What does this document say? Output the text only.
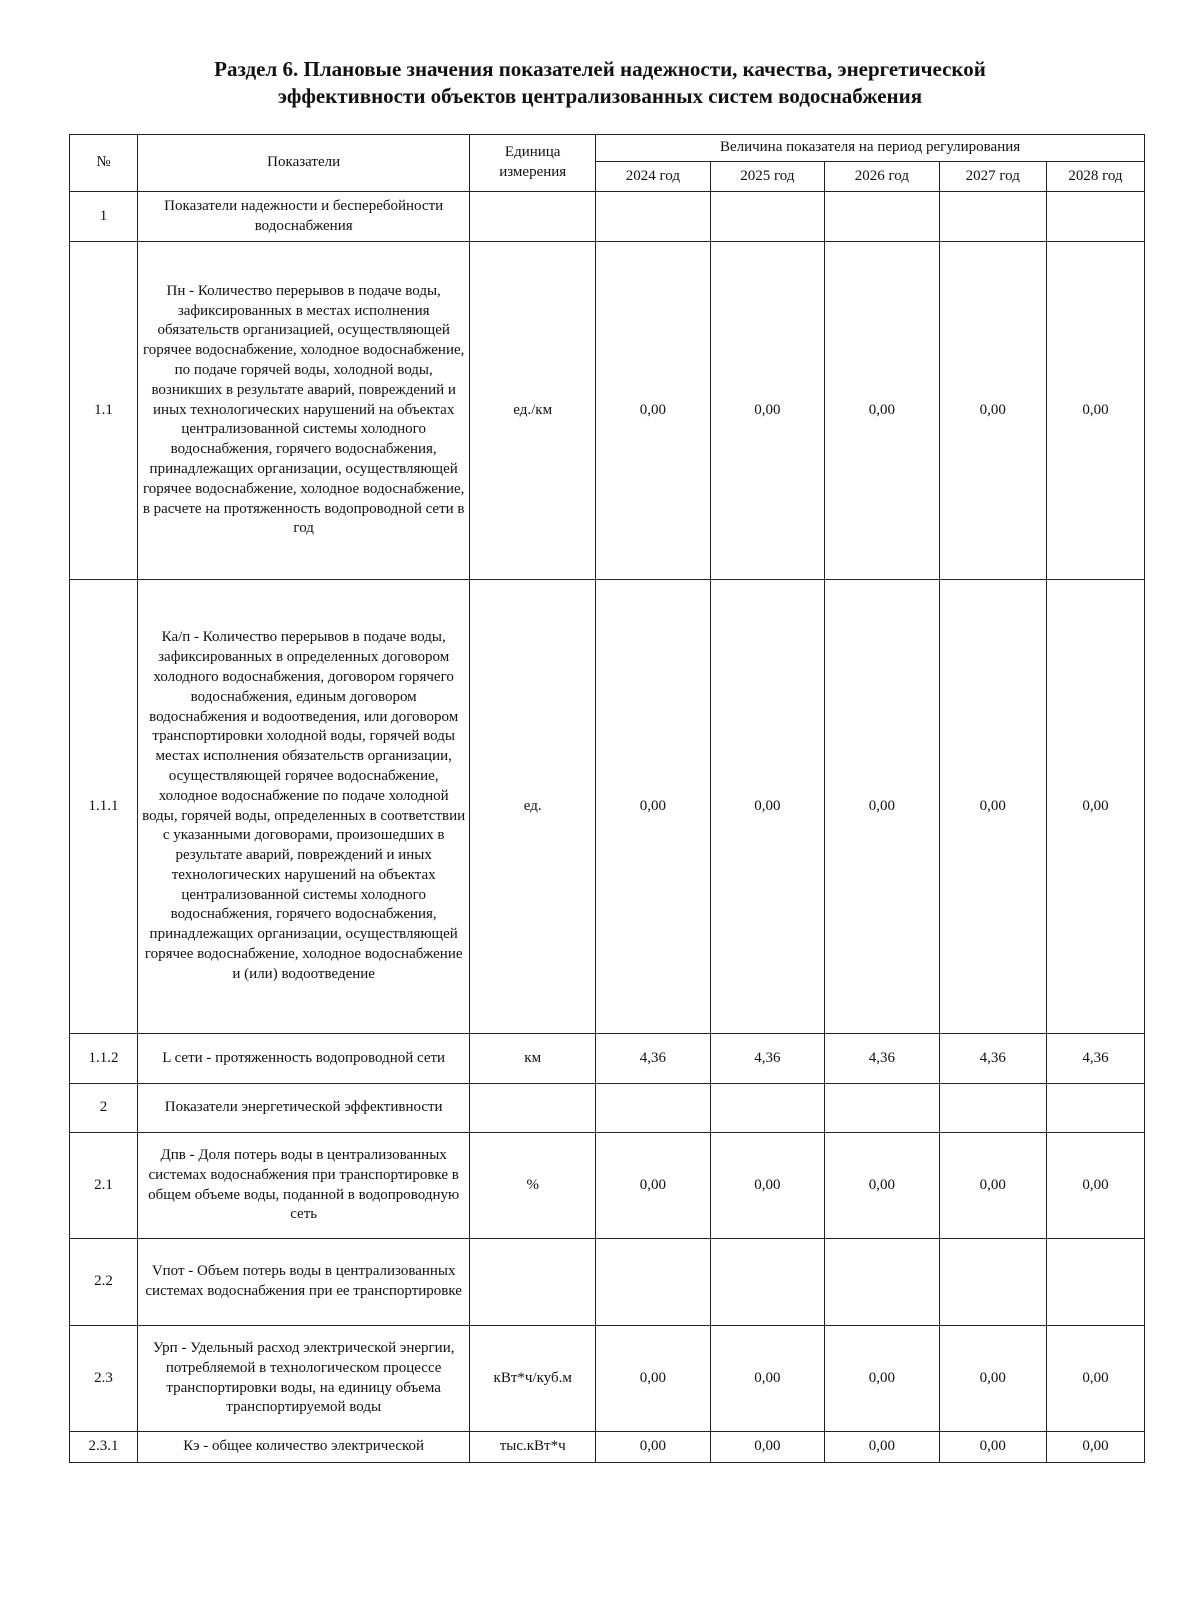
Раздел 6. Плановые значения показателей надежности, качества, энергетической
эффективности объектов централизованных систем водоснабжения
№	Показатели	Единица
измерения	Величина показателя на период регулирования				
			2024 год	2025 год	2026 год	2027 год	2028 год
1	Показатели надежности и бесперебойности водоснабжения						
1.1	Пн - Количество перерывов в подаче воды, зафиксированных в местах исполнения обязательств организацией, осуществляющей горячее водоснабжение, холодное водоснабжение, по подаче горячей воды, холодной воды, возникших в результате аварий, повреждений и иных технологических нарушений на объектах централизованной системы холодного водоснабжения, горячего водоснабжения, принадлежащих организации, осуществляющей горячее водоснабжение, холодное водоснабжение, в расчете на протяженность водопроводной сети в год	ед./км	0,00	0,00	0,00	0,00	0,00
1.1.1	Ка/п - Количество перерывов в подаче воды, зафиксированных в определенных договором холодного водоснабжения, договором горячего водоснабжения, единым договором водоснабжения и водоотведения, или договором транспортировки холодной воды, горячей воды местах исполнения обязательств организации, осуществляющей горячее водоснабжение, холодное водоснабжение по подаче холодной воды, горячей воды, определенных в соответствии с указанными договорами, произошедших в результате аварий, повреждений и иных технологических нарушений на объектах централизованной системы холодного водоснабжения, горячего водоснабжения, принадлежащих организации, осуществляющей горячее водоснабжение, холодное водоснабжение и (или) водоотведение	ед.	0,00	0,00	0,00	0,00	0,00
1.1.2	L сети - протяженность водопроводной сети	км	4,36	4,36	4,36	4,36	4,36
2	Показатели энергетической эффективности						
2.1	Дпв - Доля потерь воды в централизованных системах водоснабжения при транспортировке в общем объеме воды, поданной в водопроводную сеть	%	0,00	0,00	0,00	0,00	0,00
2.2	Vпот - Объем потерь воды в централизованных системах водоснабжения при ее транспортировке						
2.3	Урп - Удельный расход электрической энергии, потребляемой в технологическом процессе транспортировки воды, на единицу объема транспортируемой воды	кВт*ч/куб.м	0,00	0,00	0,00	0,00	0,00
2.3.1	Кэ - общее количество электрической	тыс.кВт*ч	0,00	0,00	0,00	0,00	0,00
